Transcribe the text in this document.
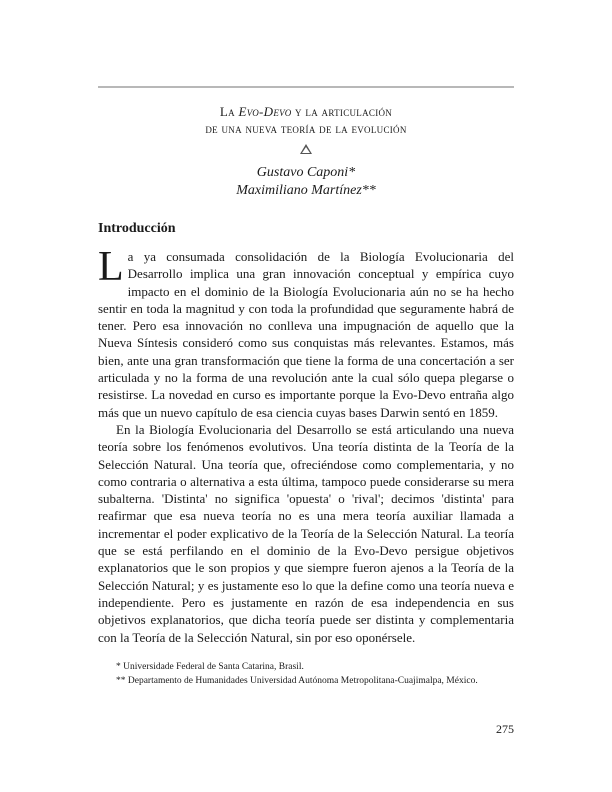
La Evo-Devo y la articulación
de una nueva teoría de la evolución
Gustavo Caponi*
Maximiliano Martínez**
Introducción

La ya consumada consolidación de la Biología Evolucionaria del Desarrollo implica una gran innovación conceptual y empírica cuyo impacto en el dominio de la Biología Evolucionaria aún no se ha hecho sentir en toda la magnitud y con toda la profundidad que seguramente habrá de tener. Pero esa innovación no conlleva una impugnación de aquello que la Nueva Síntesis consideró como sus conquistas más relevantes. Estamos, más bien, ante una gran transformación que tiene la forma de una concertación a ser articulada y no la forma de una revolución ante la cual sólo quepa plegarse o resistirse. La novedad en curso es importante porque la Evo-Devo entraña algo más que un nuevo capítulo de esa ciencia cuyas bases Darwin sentó en 1859.

En la Biología Evolucionaria del Desarrollo se está articulando una nueva teoría sobre los fenómenos evolutivos. Una teoría distinta de la Teoría de la Selección Natural. Una teoría que, ofreciéndose como complementaria, y no como contraria o alternativa a esta última, tampoco puede considerarse su mera subalterna. 'Distinta' no significa 'opuesta' o 'rival'; decimos 'distinta' para reafirmar que esa nueva teoría no es una mera teoría auxiliar llamada a incrementar el poder explicativo de la Teoría de la Selección Natural. La teoría que se está perfilando en el dominio de la Evo-Devo persigue objetivos explanatorios que le son propios y que siempre fueron ajenos a la Teoría de la Selección Natural; y es justamente eso lo que la define como una teoría nueva e independiente. Pero es justamente en razón de esa independencia en sus objetivos explanatorios, que dicha teoría puede ser distinta y complementaria con la Teoría de la Selección Natural, sin por eso oponérsele.

* Universidade Federal de Santa Catarina, Brasil.

** Departamento de Humanidades Universidad Autónoma Metropolitana-Cuajimalpa, México.

275
